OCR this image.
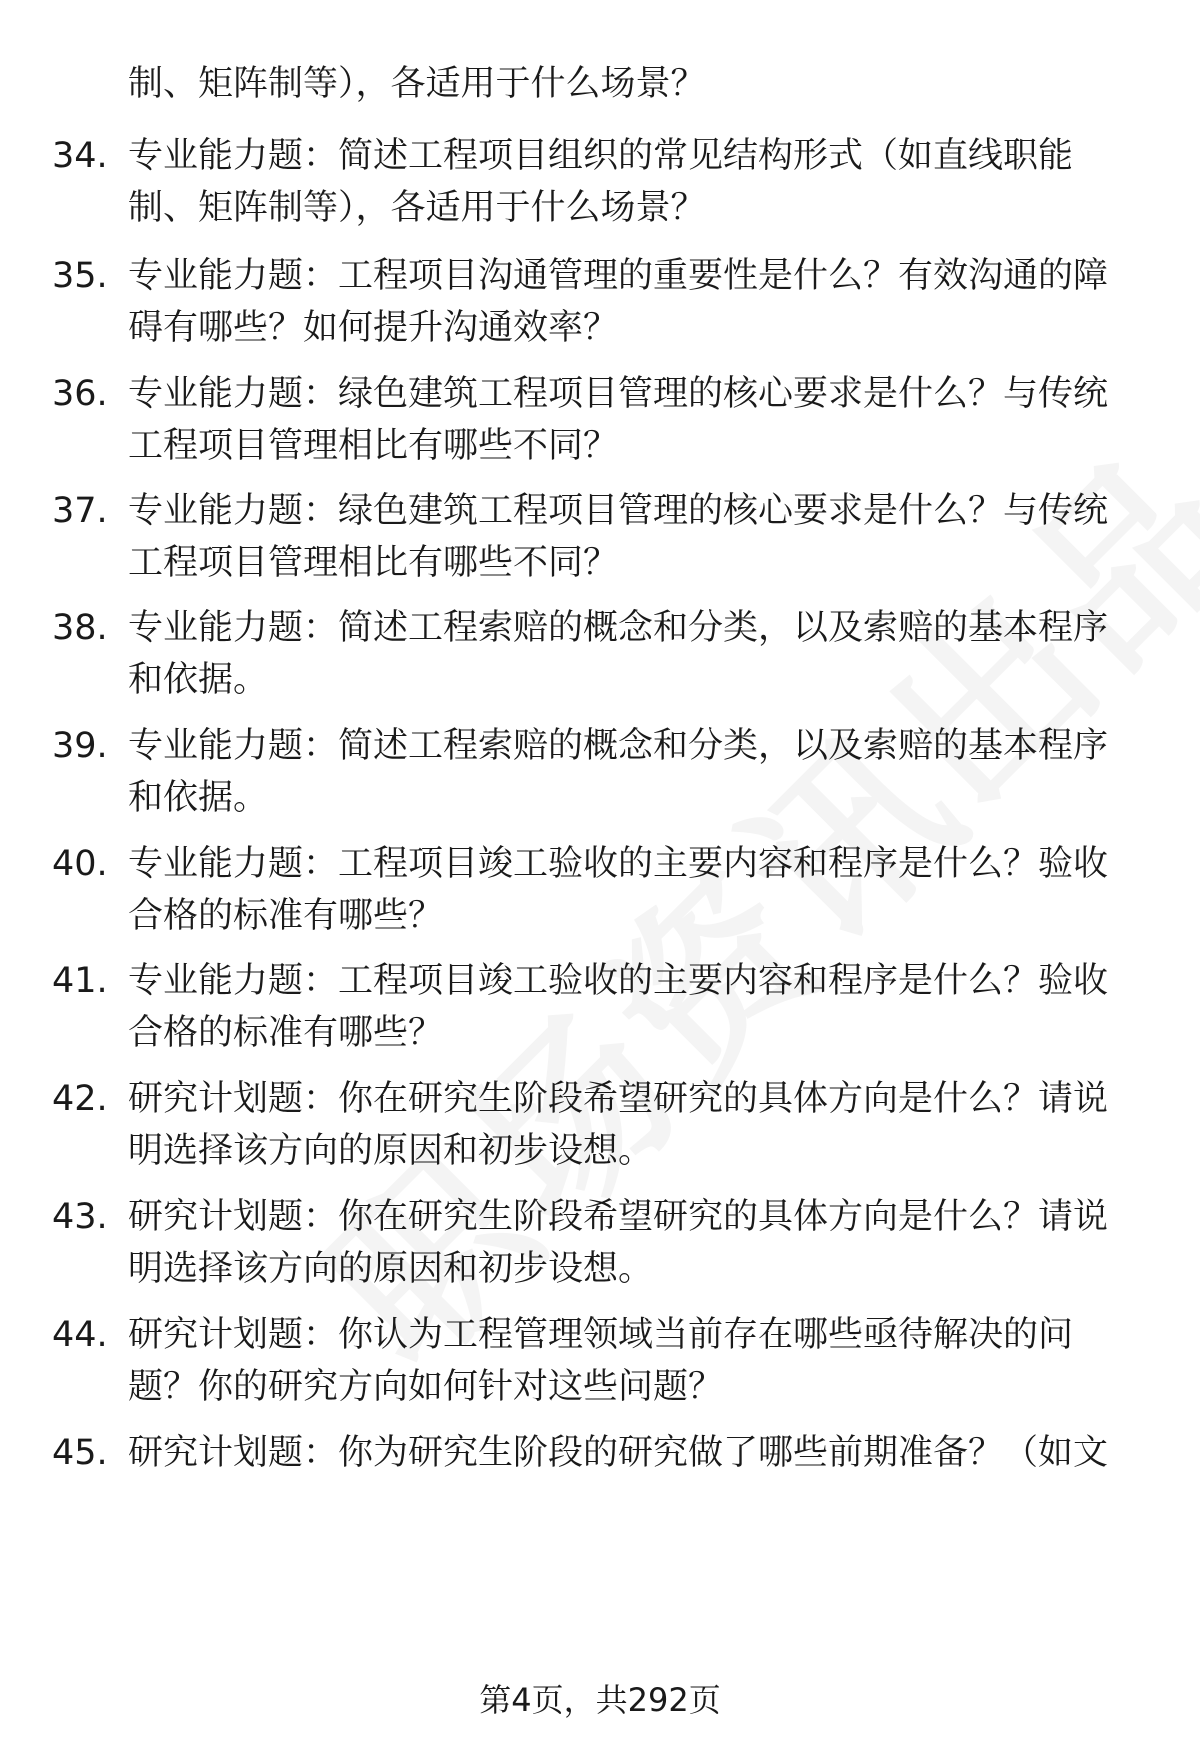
制、矩阵制等），各适用于什么场景？
34. 专业能力题：简述工程项目组织的常见结构形式（如直线职能制、矩阵制等），各适用于什么场景？
35. 专业能力题：工程项目沟通管理的重要性是什么？有效沟通的障碍有哪些？如何提升沟通效率？
36. 专业能力题：绿色建筑工程项目管理的核心要求是什么？与传统工程项目管理相比有哪些不同？
37. 专业能力题：绿色建筑工程项目管理的核心要求是什么？与传统工程项目管理相比有哪些不同？
38. 专业能力题：简述工程索赔的概念和分类，以及索赔的基本程序和依据。
39. 专业能力题：简述工程索赔的概念和分类，以及索赔的基本程序和依据。
40. 专业能力题：工程项目竣工验收的主要内容和程序是什么？验收合格的标准有哪些？
41. 专业能力题：工程项目竣工验收的主要内容和程序是什么？验收合格的标准有哪些？
42. 研究计划题：你在研究生阶段希望研究的具体方向是什么？请说明选择该方向的原因和初步设想。
43. 研究计划题：你在研究生阶段希望研究的具体方向是什么？请说明选择该方向的原因和初步设想。
44. 研究计划题：你认为工程管理领域当前存在哪些亟待解决的问题？你的研究方向如何针对这些问题？
45. 研究计划题：你为研究生阶段的研究做了哪些前期准备？（如文
第4页，共292页
